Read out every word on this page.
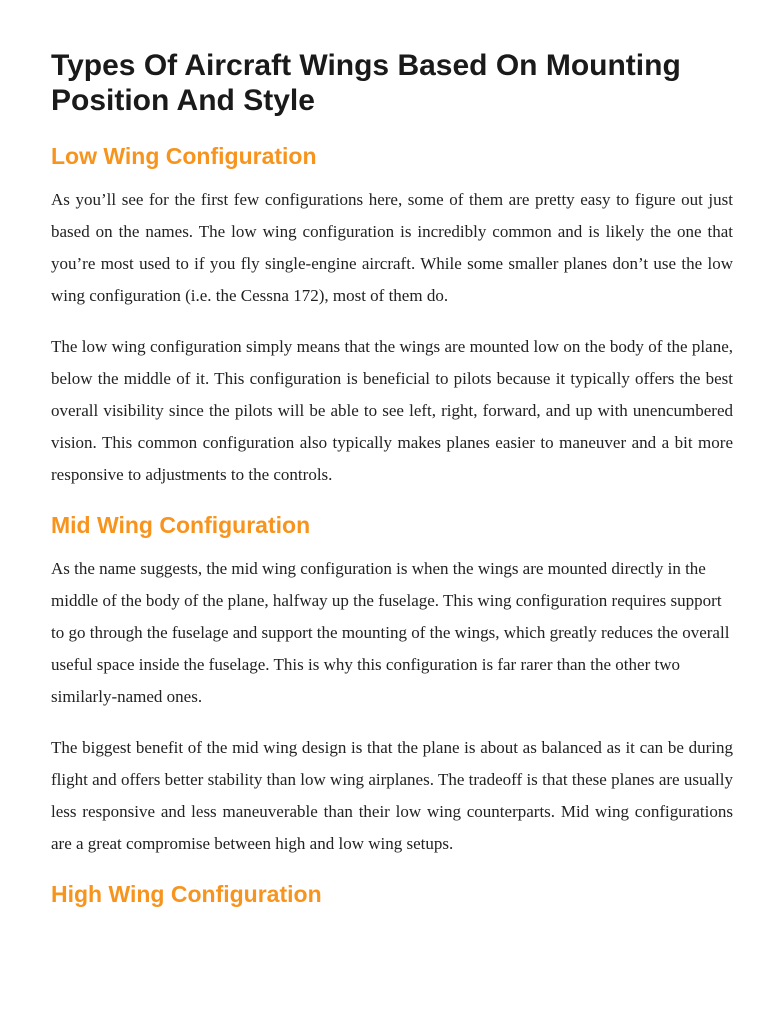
Types Of Aircraft Wings Based On Mounting Position And Style
Low Wing Configuration

As you’ll see for the first few configurations here, some of them are pretty easy to figure out just based on the names. The low wing configuration is incredibly common and is likely the one that you’re most used to if you fly single-engine aircraft. While some smaller planes don’t use the low wing configuration (i.e. the Cessna 172), most of them do.

The low wing configuration simply means that the wings are mounted low on the body of the plane, below the middle of it. This configuration is beneficial to pilots because it typically offers the best overall visibility since the pilots will be able to see left, right, forward, and up with unencumbered vision. This common configuration also typically makes planes easier to maneuver and a bit more responsive to adjustments to the controls.

Mid Wing Configuration

As the name suggests, the mid wing configuration is when the wings are mounted directly in the middle of the body of the plane, halfway up the fuselage. This wing configuration requires support to go through the fuselage and support the mounting of the wings, which greatly reduces the overall useful space inside the fuselage. This is why this configuration is far rarer than the other two similarly-named ones.

The biggest benefit of the mid wing design is that the plane is about as balanced as it can be during flight and offers better stability than low wing airplanes. The tradeoff is that these planes are usually less responsive and less maneuverable than their low wing counterparts. Mid wing configurations are a great compromise between high and low wing setups.

High Wing Configuration
